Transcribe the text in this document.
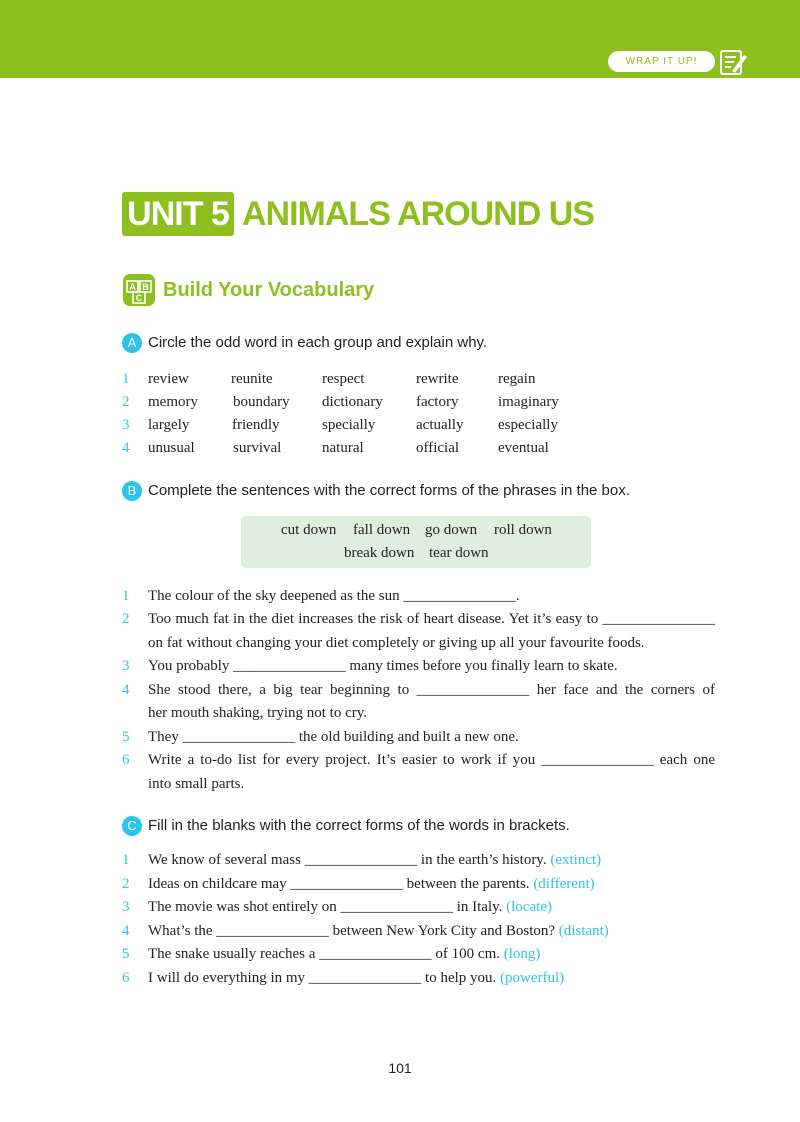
WRAP IT UP!
UNIT 5 ANIMALS AROUND US
A B
C Build Your Vocabulary
A Circle the odd word in each group and explain why.
1 review	reunite	respect	rewrite	regain
2 memory boundary dictionary factory	imaginary
3 largely	friendly	specially	actually especially
4 unusual	survival	natural	official	eventual
B Complete the sentences with the correct forms of the phrases in the box.
cut down fall down go down roll down
break down tear down
1 The colour of the sky deepened as the sun _______________.
2 Too much fat in the diet increases the risk of heart disease. Yet it’s easy to _______________
on fat without changing your diet completely or giving up all your favourite foods.
3 You probably _______________ many times before you finally learn to skate.
4 She stood there, a big tear beginning to _______________ her face and the corners of
her mouth shaking, trying not to cry.
5 They _______________ the old building and built a new one.
6 Write a to-do list for every project. It’s easier to work if you _______________ each one
into small parts.
C Fill in the blanks with the correct forms of the words in brackets.
1 We know of several mass _______________ in the earth’s history. (extinct)
2 Ideas on childcare may _______________ between the parents. (different)
3 The movie was shot entirely on _______________ in Italy. (locate)
4 What’s the _______________ between New York City and Boston? (distant)
5 The snake usually reaches a _______________ of 100 cm. (long)
6 I will do everything in my _______________ to help you. (powerful)
101
